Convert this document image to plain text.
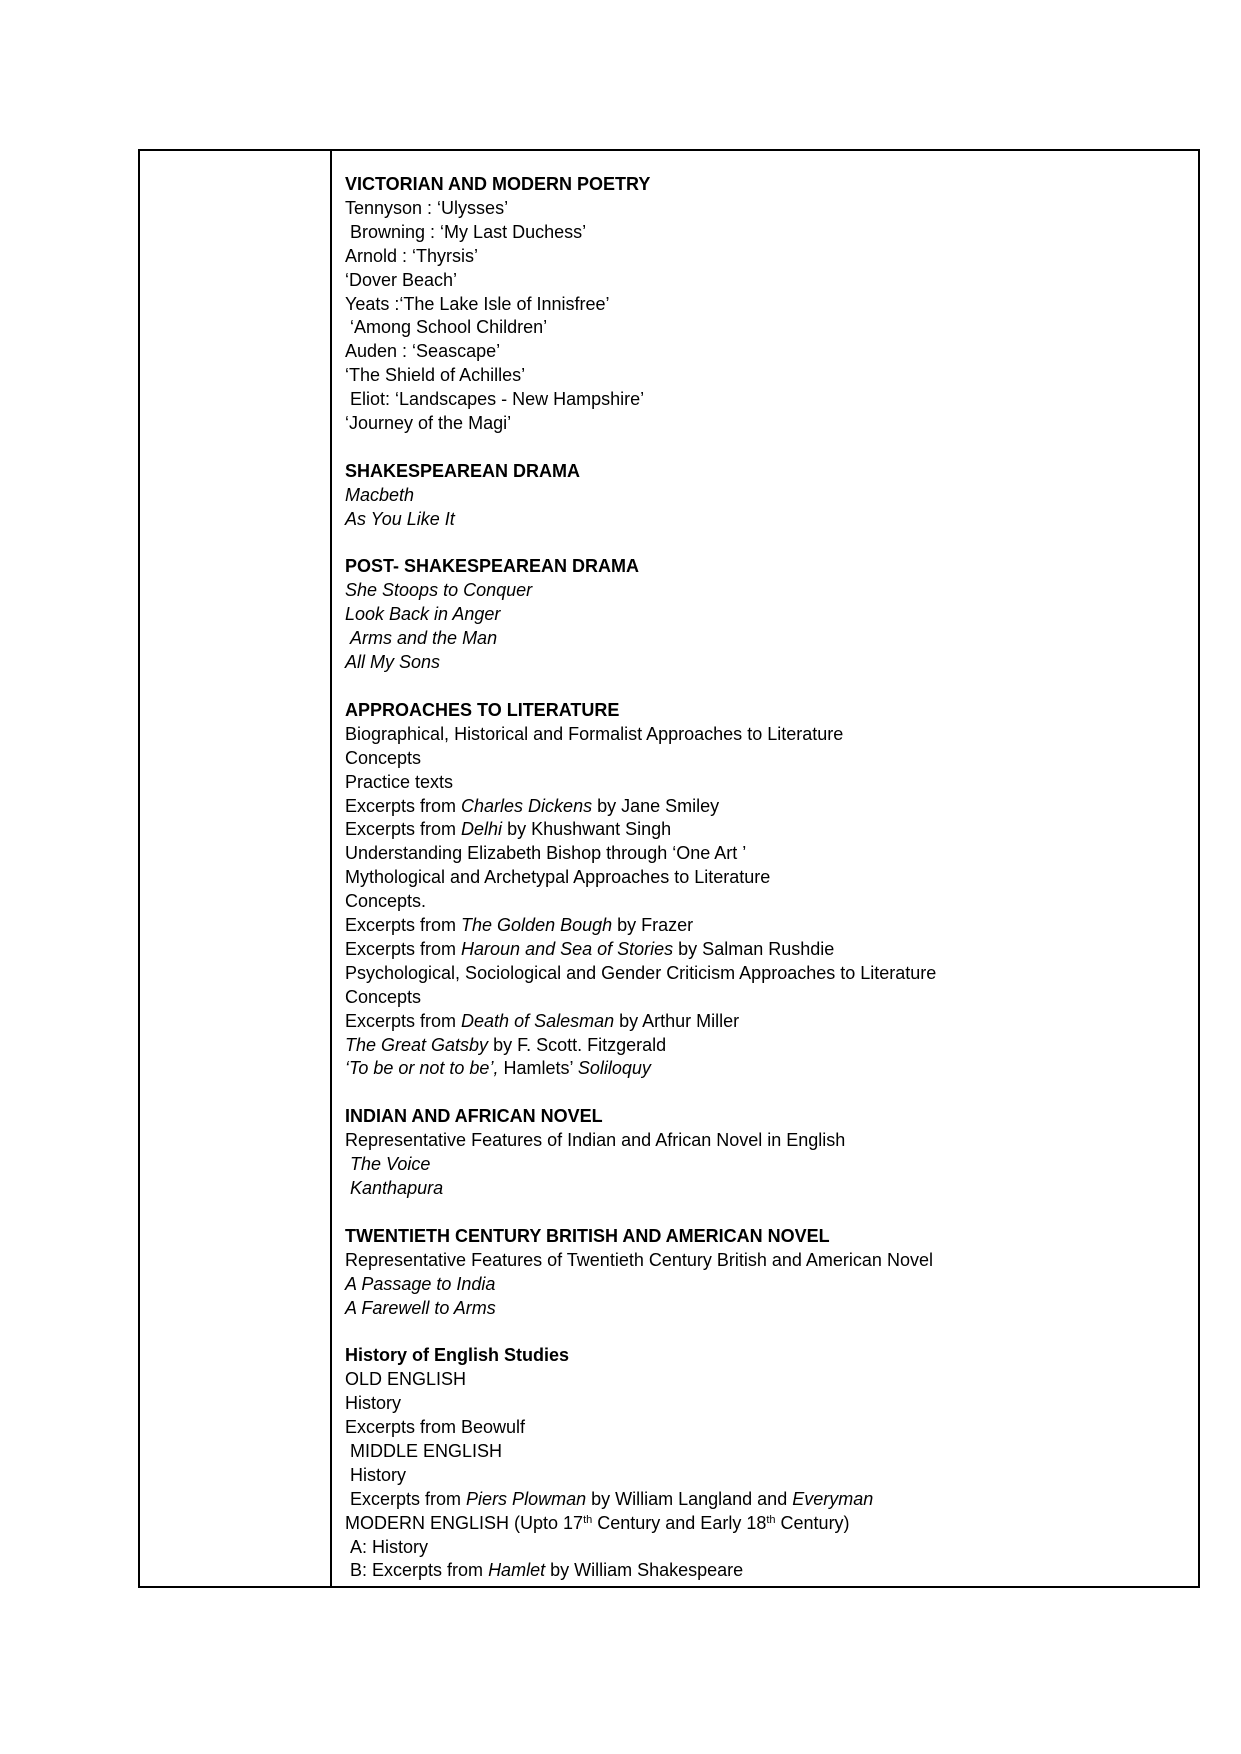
VICTORIAN AND MODERN POETRY
Tennyson : ‘Ulysses’
Browning : ‘My Last Duchess’
Arnold : ‘Thyrsis’
‘Dover Beach’
Yeats :‘The Lake Isle of Innisfree’
‘Among School Children’
Auden : ‘Seascape’
‘The Shield of Achilles’
Eliot: ‘Landscapes - New Hampshire’
‘Journey of the Magi’
SHAKESPEAREAN DRAMA
Macbeth
As You Like It
POST- SHAKESPEAREAN DRAMA
She Stoops to Conquer
Look Back in Anger
Arms and the Man
All My Sons
APPROACHES TO LITERATURE
Biographical, Historical and Formalist Approaches to Literature
Concepts
Practice texts
Excerpts from Charles Dickens by Jane Smiley
Excerpts from Delhi by Khushwant Singh
Understanding Elizabeth Bishop through ‘One Art ’
Mythological and Archetypal Approaches to Literature
Concepts.
Excerpts from The Golden Bough by Frazer
Excerpts from Haroun and Sea of Stories by Salman Rushdie
Psychological, Sociological and Gender Criticism Approaches to Literature
Concepts
Excerpts from Death of Salesman by Arthur Miller
The Great Gatsby by F. Scott. Fitzgerald
‘To be or not to be’, Hamlets’ Soliloquy
INDIAN AND AFRICAN NOVEL
Representative Features of Indian and African Novel in English
The Voice
Kanthapura
TWENTIETH CENTURY BRITISH AND AMERICAN NOVEL
Representative Features of Twentieth Century British and American Novel
A Passage to India
A Farewell to Arms
History of English Studies
OLD ENGLISH
History
Excerpts from Beowulf
MIDDLE ENGLISH
History
Excerpts from Piers Plowman by William Langland and Everyman
MODERN ENGLISH (Upto 17th Century and Early 18th Century)
A: History
B: Excerpts from Hamlet by William Shakespeare
